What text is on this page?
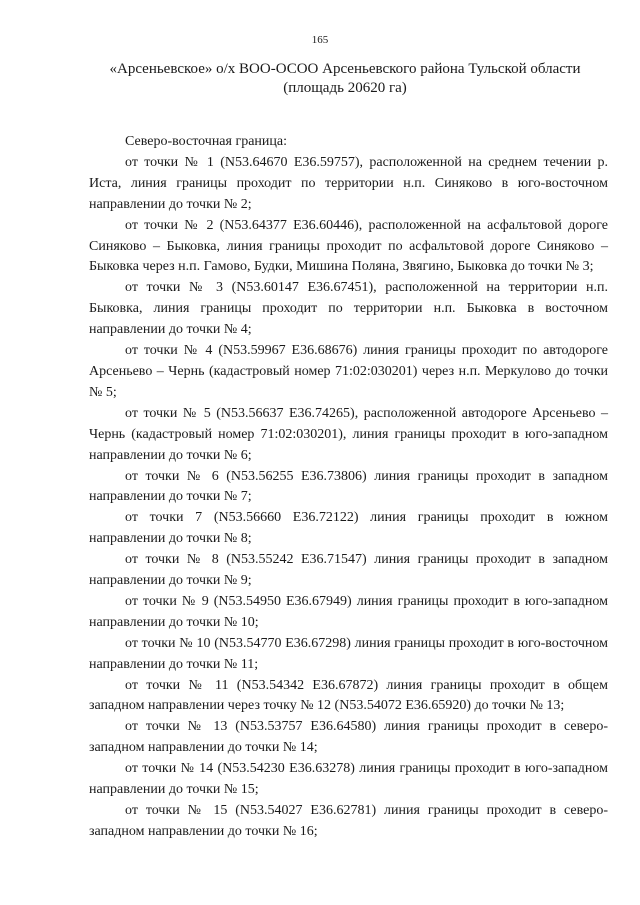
165
«Арсеньевское» о/х ВОО-ОСОО Арсеньевского района Тульской области
(площадь 20620 га)
Северо-восточная граница:

от точки № 1 (N53.64670 E36.59757), расположенной на среднем течении р. Иста, линия границы проходит по территории н.п. Синяково в юго-восточном направлении до точки № 2;

от точки № 2 (N53.64377 E36.60446), расположенной на асфальтовой дороге Синяково – Быковка, линия границы проходит по асфальтовой дороге Синяково – Быковка через н.п. Гамово, Будки, Мишина Поляна, Звягино, Быковка до точки № 3;

от точки № 3 (N53.60147 E36.67451), расположенной на территории н.п. Быковка, линия границы проходит по территории н.п. Быковка в восточном направлении до точки № 4;

от точки № 4 (N53.59967 E36.68676) линия границы проходит по автодороге Арсеньево – Чернь (кадастровый номер 71:02:030201) через н.п. Меркулово до точки № 5;

от точки № 5 (N53.56637 E36.74265), расположенной автодороге Арсеньево – Чернь (кадастровый номер 71:02:030201), линия границы проходит в юго-западном направлении до точки № 6;

от точки № 6 (N53.56255 E36.73806) линия границы проходит в западном направлении до точки № 7;

от точки 7 (N53.56660 E36.72122) линия границы проходит в южном направлении до точки № 8;

от точки № 8 (N53.55242 E36.71547) линия границы проходит в западном направлении до точки № 9;

от точки № 9 (N53.54950 E36.67949) линия границы проходит в юго-западном направлении до точки № 10;

от точки № 10 (N53.54770 E36.67298) линия границы проходит в юго-восточном направлении до точки № 11;

от точки № 11 (N53.54342 E36.67872) линия границы проходит в общем западном направлении через точку № 12 (N53.54072 E36.65920) до точки № 13;

от точки № 13 (N53.53757 E36.64580) линия границы проходит в северо-западном направлении до точки № 14;

от точки № 14 (N53.54230 E36.63278) линия границы проходит в юго-западном направлении до точки № 15;

от точки № 15 (N53.54027 E36.62781) линия границы проходит в северо-западном направлении до точки № 16;
